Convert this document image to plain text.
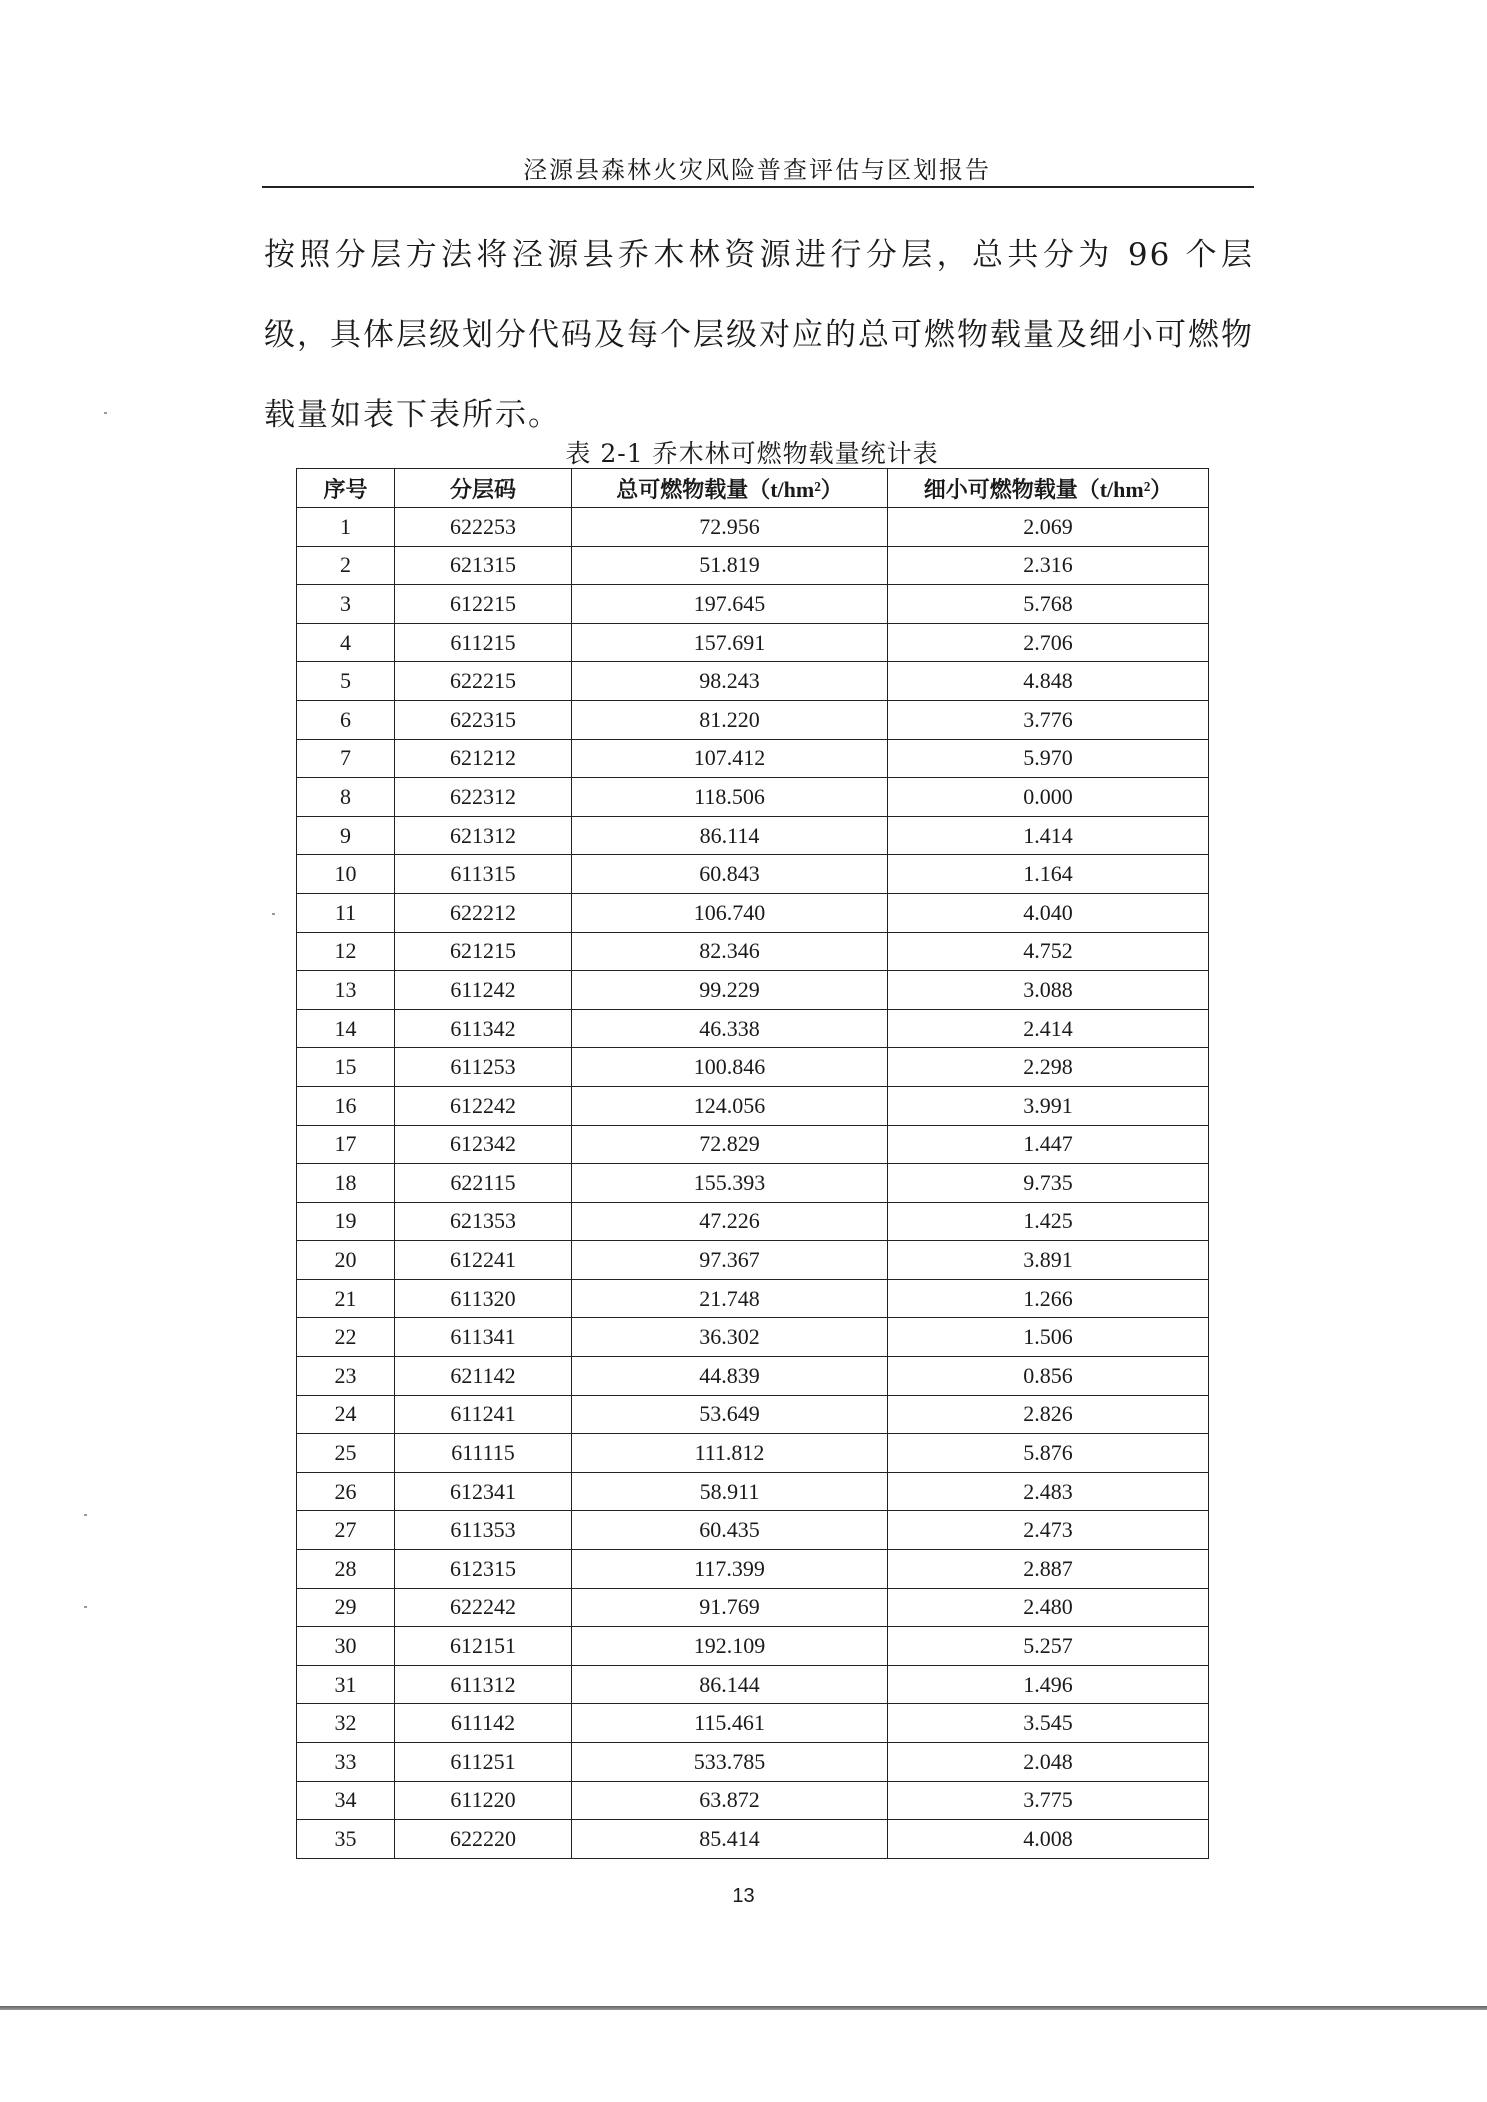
泾源县森林火灾风险普查评估与区划报告
按照分层方法将泾源县乔木林资源进行分层，总共分为 96 个层级，具体层级划分代码及每个层级对应的总可燃物载量及细小可燃物载量如表下表所示。
表 2-1 乔木林可燃物载量统计表
序号	分层码	总可燃物载量（t/hm²）	细小可燃物载量（t/hm²）
1	622253	72.956	2.069
2	621315	51.819	2.316
3	612215	197.645	5.768
4	611215	157.691	2.706
5	622215	98.243	4.848
6	622315	81.220	3.776
7	621212	107.412	5.970
8	622312	118.506	0.000
9	621312	86.114	1.414
10	611315	60.843	1.164
11	622212	106.740	4.040
12	621215	82.346	4.752
13	611242	99.229	3.088
14	611342	46.338	2.414
15	611253	100.846	2.298
16	612242	124.056	3.991
17	612342	72.829	1.447
18	622115	155.393	9.735
19	621353	47.226	1.425
20	612241	97.367	3.891
21	611320	21.748	1.266
22	611341	36.302	1.506
23	621142	44.839	0.856
24	611241	53.649	2.826
25	611115	111.812	5.876
26	612341	58.911	2.483
27	611353	60.435	2.473
28	612315	117.399	2.887
29	622242	91.769	2.480
30	612151	192.109	5.257
31	611312	86.144	1.496
32	611142	115.461	3.545
33	611251	533.785	2.048
34	611220	63.872	3.775
35	622220	85.414	4.008
13
